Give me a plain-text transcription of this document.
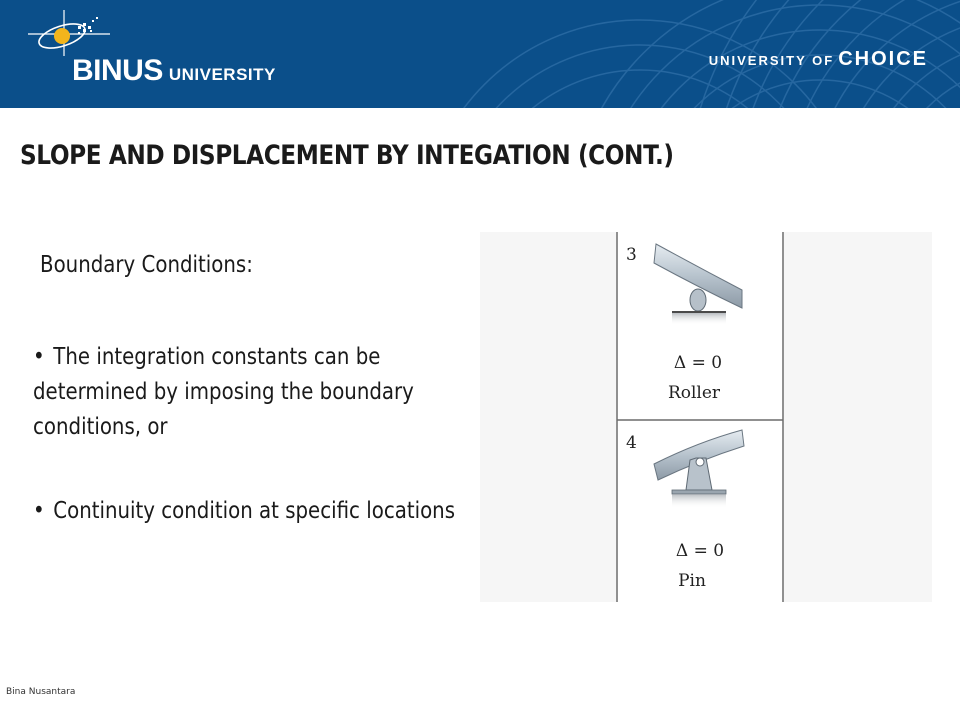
BINUS UNIVERSITY
UNIVERSITY OF CHOICE
SLOPE AND DISPLACEMENT BY INTEGATION (CONT.)
Boundary Conditions:
• The integration constants can be determined by imposing the boundary conditions, or
• Continuity condition at specific locations
3
Δ = 0
Roller
4
Δ = 0
Pin
Bina Nusantara
